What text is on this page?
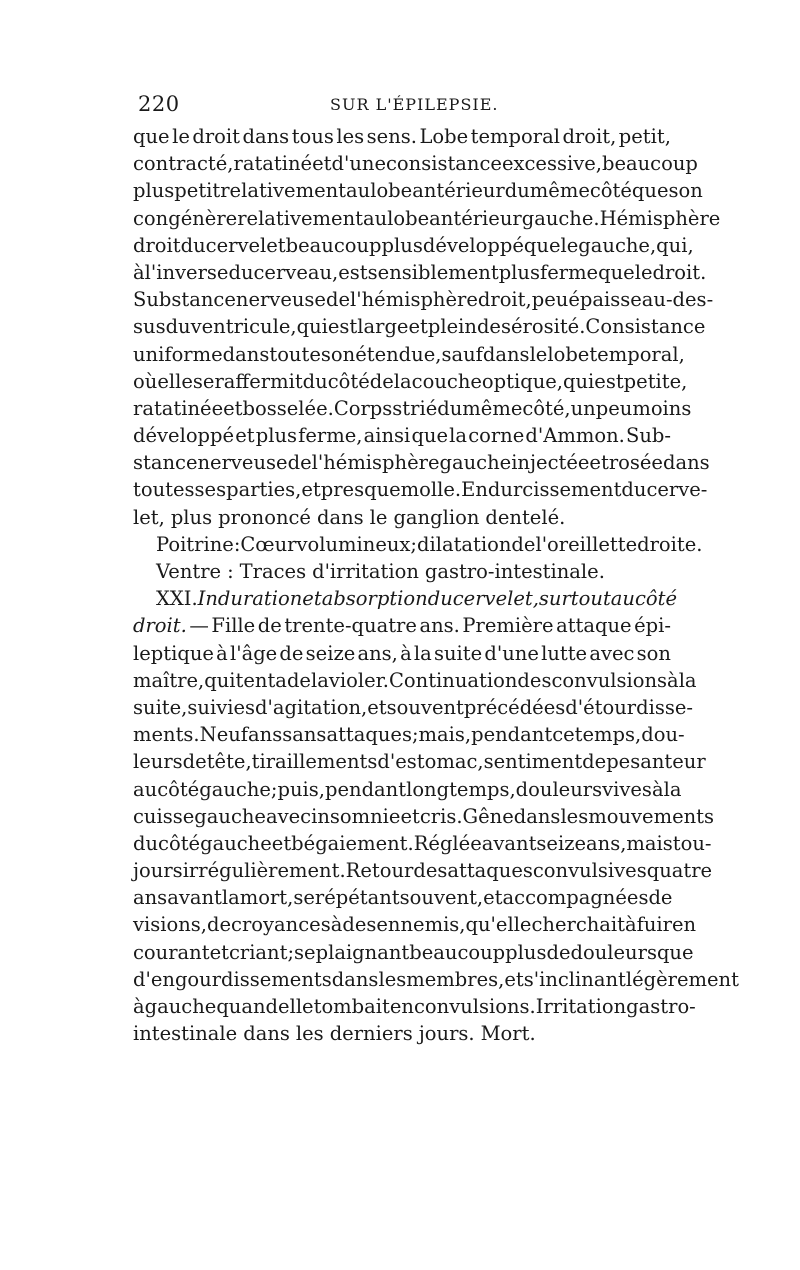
220	SUR L'ÉPILEPSIE.
que le droit dans tous les sens. Lobe temporal droit, petit,
contracté, ratatiné et d'une consistance excessive, beaucoup
plus petit relativement au lobe antérieur du même côté que son
congénère relativement au lobe antérieur gauche. Hémisphère
droit du cervelet beaucoup plus développé que le gauche, qui,
à l'inverse du cerveau, est sensiblement plus ferme que le droit.
Substance nerveuse de l'hémisphère droit, peu épaisse au-des-
sus du ventricule, qui est large et plein de sérosité. Consistance
uniforme dans toute son étendue, sauf dans le lobe temporal,
où elle se raffermit du côté de la couche optique, qui est petite,
ratatinée et bosselée. Corps strié du même côté, un peu moins
développé et plus ferme, ainsi que la corne d'Ammon. Sub-
stance nerveuse de l'hémisphère gauche injectée et rosée dans
toutes ses parties, et presque molle. Endurcissement du cerve-
let, plus prononcé dans le ganglion dentelé.
Poitrine : Cœur volumineux ; dilatation de l'oreillette droite.
Ventre : Traces d'irritation gastro-intestinale.
XXI. Induration et absorption du cervelet, surtout au côté
droit. — Fille de trente-quatre ans. Première attaque épi-
leptique à l'âge de seize ans, à la suite d'une lutte avec son
maître, qui tenta de la violer. Continuation des convulsions à la
suite, suivies d'agitation, et souvent précédées d'étourdisse-
ments. Neuf ans sans attaques; mais, pendant ce temps, dou-
leurs de tête, tiraillements d'estomac, sentiment de pesanteur
au côté gauche ; puis, pendant longtemps, douleurs vives à la
cuisse gauche avec insomnie et cris. Gêne dans les mouvements
du côté gauche et bégaiement. Réglée avant seize ans, mais tou-
jours irrégulièrement. Retour des attaques convulsives quatre
ans avant la mort, se répétant souvent, et accompagnées de
visions, de croyances à des ennemis, qu'elle cherchait à fuir en
courant et criant ; se plaignant beaucoup plus de douleurs que
d'engourdissements dans les membres, et s'inclinant légèrement
à gauche quand elle tombait en convulsions. Irritation gastro-
intestinale dans les derniers jours. Mort.
